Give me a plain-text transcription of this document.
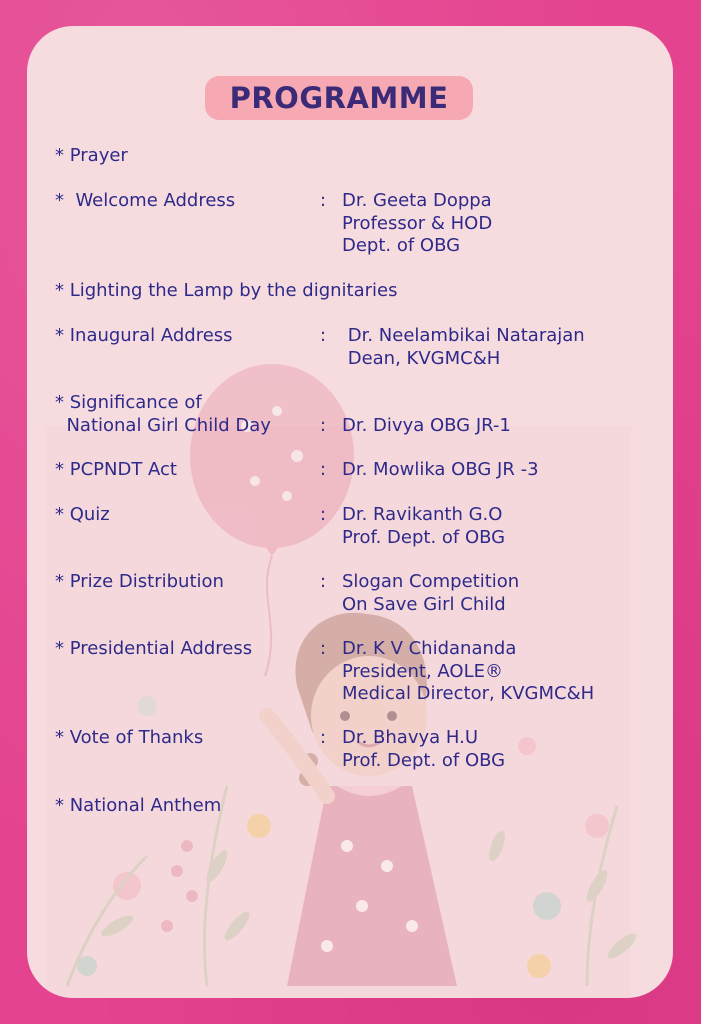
PROGRAMME
* Prayer
*  Welcome Address	: Dr. Geeta Doppa
Professor & HOD
Dept. of OBG
* Lighting the Lamp by the dignitaries
* Inaugural Address	: Dr. Neelambikai Natarajan
Dean, KVGMC&H
* Significance of
National Girl Child Day	: Dr. Divya OBG JR-1
* PCPNDT Act	: Dr. Mowlika OBG JR -3
* Quiz	: Dr. Ravikanth G.O
Prof. Dept. of OBG
* Prize Distribution	: Slogan Competition
On Save Girl Child
* Presidential Address	: Dr. K V Chidananda
President, AOLE®
Medical Director, KVGMC&H
* Vote of Thanks	: Dr. Bhavya H.U
Prof. Dept. of OBG
* National Anthem
